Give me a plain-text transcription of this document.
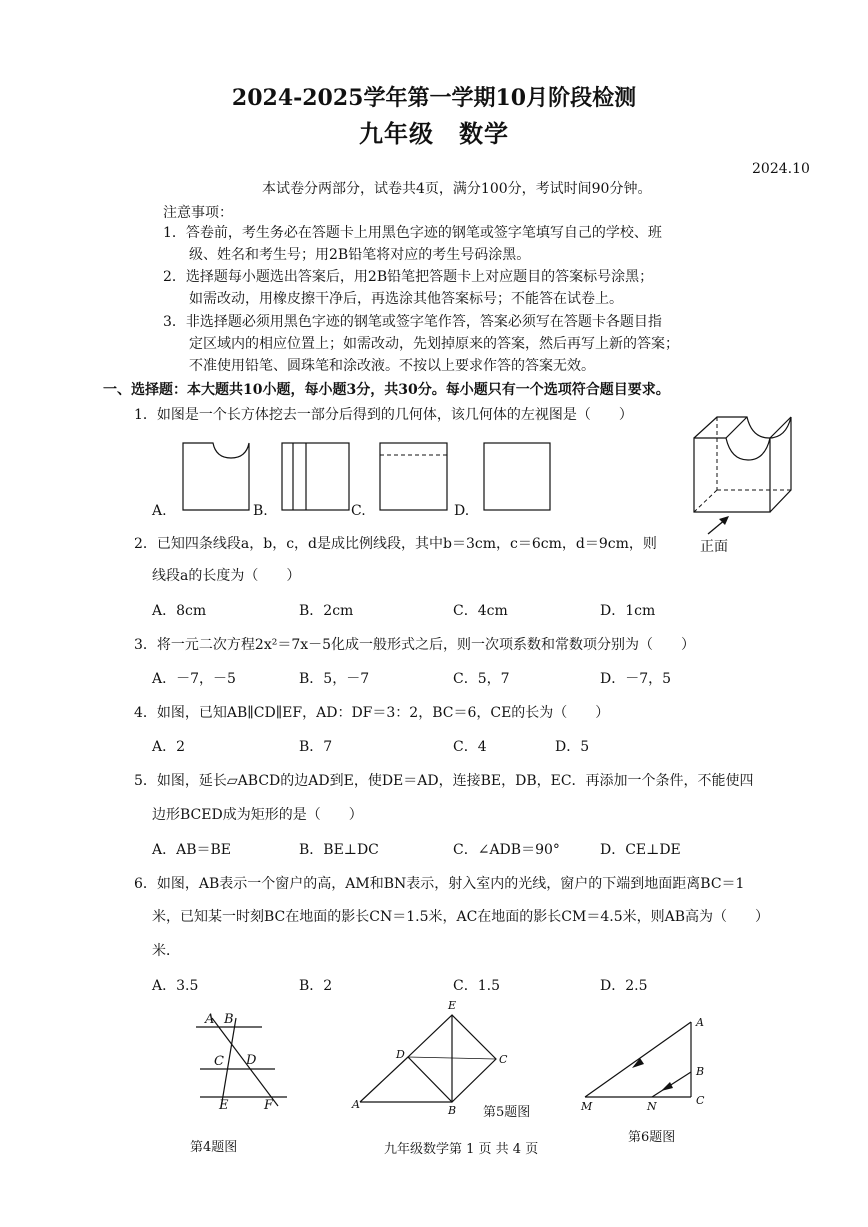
2024-2025学年第一学期10月阶段检测
九年级　数学
2024.10
本试卷分两部分，试卷共4页，满分100分，考试时间90分钟。
注意事项：
1．答卷前，考生务必在答题卡上用黑色字迹的钢笔或签字笔填写自己的学校、班
级、姓名和考生号；用2B铅笔将对应的考生号码涂黑。
2．选择题每小题选出答案后，用2B铅笔把答题卡上对应题目的答案标号涂黑；
如需改动，用橡皮擦干净后，再选涂其他答案标号；不能答在试卷上。
3．非选择题必须用黑色字迹的钢笔或签字笔作答，答案必须写在答题卡各题目指
定区域内的相应位置上；如需改动，先划掉原来的答案，然后再写上新的答案；
不准使用铅笔、圆珠笔和涂改液。不按以上要求作答的答案无效。
一、选择题：本大题共10小题，每小题3分，共30分。每小题只有一个选项符合题目要求。
1．如图是一个长方体挖去一部分后得到的几何体，该几何体的左视图是（　　）
A.	B.	C.	D.
正面
2．已知四条线段a，b，c，d是成比例线段，其中b＝3cm，c＝6cm，d＝9cm，则
线段a的长度为（　　）
A．8cm	B．2cm	C．4cm	D．1cm
3．将一元二次方程2x²＝7x－5化成一般形式之后，则一次项系数和常数项分别为（　　）
A．－7，－5	B．5，－7	C．5，7	D．－7，5
4．如图，已知AB∥CD∥EF，AD：DF＝3：2，BC＝6，CE的长为（　　）
A．2	B．7	C．4	D．5
5．如图，延长▱ABCD的边AD到E，使DE＝AD，连接BE，DB，EC．再添加一个条件，不能使四
边形BCED成为矩形的是（　　）
A．AB＝BE	B．BE⊥DC	C．∠ADB＝90°	D．CE⊥DE
6．如图，AB表示一个窗户的高，AM和BN表示，射入室内的光线，窗户的下端到地面距离BC＝1
米，已知某一时刻BC在地面的影长CN＝1.5米，AC在地面的影长CM＝4.5米，则AB高为（　　）
米．
A．3.5	B．2	C．1.5	D．2.5
A B
C D
E	F
第4题图
E
D	C
A	B 第5题图
A
B
C
M	N
第6题图
九年级数学第 1 页 共 4 页
